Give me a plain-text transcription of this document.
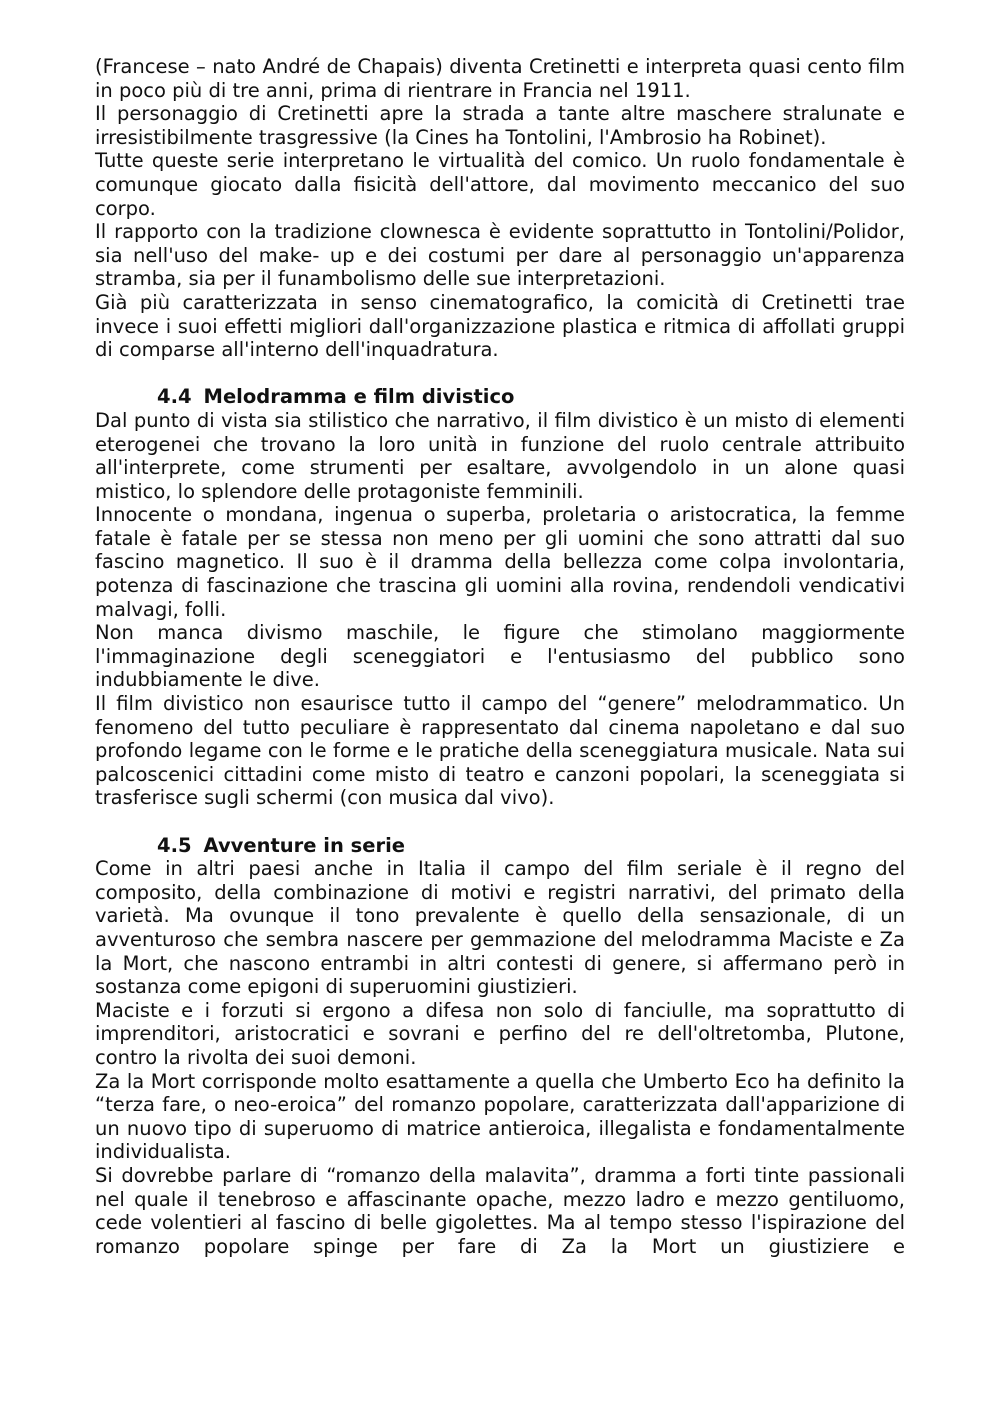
(Francese – nato André de Chapais) diventa Cretinetti e interpreta quasi cento film in poco più di tre anni, prima di rientrare in Francia nel 1911.

Il personaggio di Cretinetti apre la strada a tante altre maschere stralunate e irresistibilmente trasgressive (la Cines ha Tontolini, l'Ambrosio ha Robinet).

Tutte queste serie interpretano le virtualità del comico. Un ruolo fondamentale è comunque giocato dalla fisicità dell'attore, dal movimento meccanico del suo corpo.

Il rapporto con la tradizione clownesca è evidente soprattutto in Tontolini/Polidor, sia nell'uso del make- up e dei costumi per dare al personaggio un'apparenza stramba, sia per il funambolismo delle sue interpretazioni.

Già più caratterizzata in senso cinematografico, la comicità di Cretinetti trae invece i suoi effetti migliori dall'organizzazione plastica e ritmica di affollati gruppi di comparse all'interno dell'inquadratura.

4.4 Melodramma e film divistico

Dal punto di vista sia stilistico che narrativo, il film divistico è un misto di elementi eterogenei che trovano la loro unità in funzione del ruolo centrale attribuito all'interprete, come strumenti per esaltare, avvolgendolo in un alone quasi mistico, lo splendore delle protagoniste femminili.

Innocente o mondana, ingenua o superba, proletaria o aristocratica, la femme fatale è fatale per se stessa non meno per gli uomini che sono attratti dal suo fascino magnetico. Il suo è il dramma della bellezza come colpa involontaria, potenza di fascinazione che trascina gli uomini alla rovina, rendendoli vendicativi malvagi, folli.

Non manca divismo maschile, le figure che stimolano maggiormente l'immaginazione degli sceneggiatori e l'entusiasmo del pubblico sono indubbiamente le dive.

Il film divistico non esaurisce tutto il campo del “genere” melodrammatico. Un fenomeno del tutto peculiare è rappresentato dal cinema napoletano e dal suo profondo legame con le forme e le pratiche della sceneggiatura musicale. Nata sui palcoscenici cittadini come misto di teatro e canzoni popolari, la sceneggiata si trasferisce sugli schermi (con musica dal vivo).

4.5 Avventure in serie

Come in altri paesi anche in Italia il campo del film seriale è il regno del composito, della combinazione di motivi e registri narrativi, del primato della varietà. Ma ovunque il tono prevalente è quello della sensazionale, di un avventuroso che sembra nascere per gemmazione del melodramma Maciste e Za la Mort, che nascono entrambi in altri contesti di genere, si affermano però in sostanza come epigoni di superuomini giustizieri.

Maciste e i forzuti si ergono a difesa non solo di fanciulle, ma soprattutto di imprenditori, aristocratici e sovrani e perfino del re dell'oltretomba, Plutone, contro la rivolta dei suoi demoni.

Za la Mort corrisponde molto esattamente a quella che Umberto Eco ha definito la “terza fare, o neo-eroica” del romanzo popolare, caratterizzata dall'apparizione di un nuovo tipo di superuomo di matrice antieroica, illegalista e fondamentalmente individualista.

Si dovrebbe parlare di “romanzo della malavita”, dramma a forti tinte passionali nel quale il tenebroso e affascinante opache, mezzo ladro e mezzo gentiluomo, cede volentieri al fascino di belle gigolettes. Ma al tempo stesso l'ispirazione del romanzo popolare spinge per fare di Za la Mort un giustiziere e
